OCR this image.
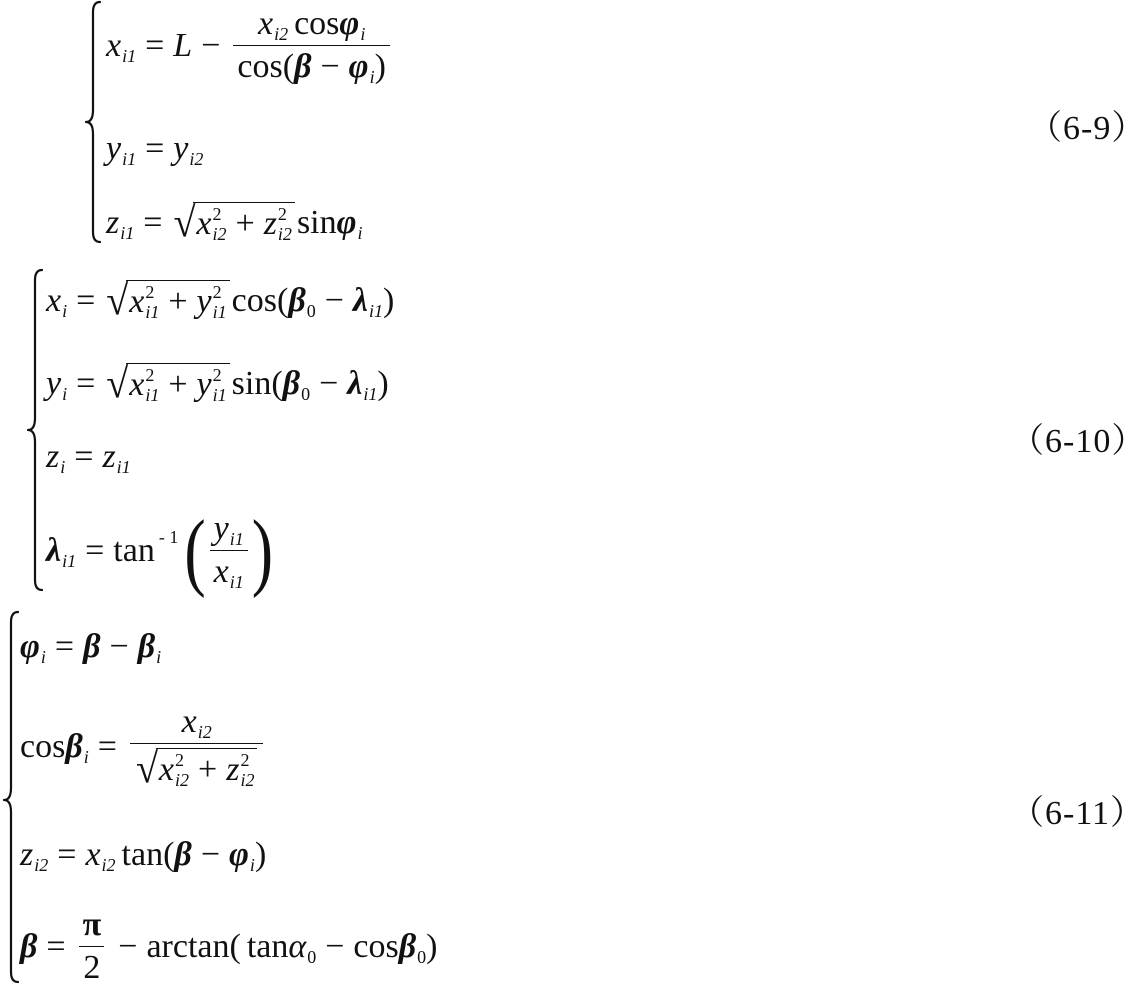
x $i1 = L - \frac{\text{x i2 cos φ i}}{\text{cos ( β − φ i )}}$
y i1 = y i2
z i1 = √ x 2
i2 + z 2
i2 sin φ i
（6-9）
x i = √ x 2
i1 + y 2
i1 cos ( β 0 − λ i1 )
y i = √ x 2
i1 + y 2
i1 sin ( β 0 − λ i1 )
z i = z i1
λ i1 = tan - 1 ( $\frac{\text{y i1}}{\text{x i1}}$ )
（6-10）
φ i = β − β i
cos β i =
x i2
√ x 2
i2 + z 2
i2
z i2 = x i2 tan ( β − φ i )
$\beta = \frac{\pi}{2} - \arctan$ ( tan α 0 − cos β 0 )
（6-11）
